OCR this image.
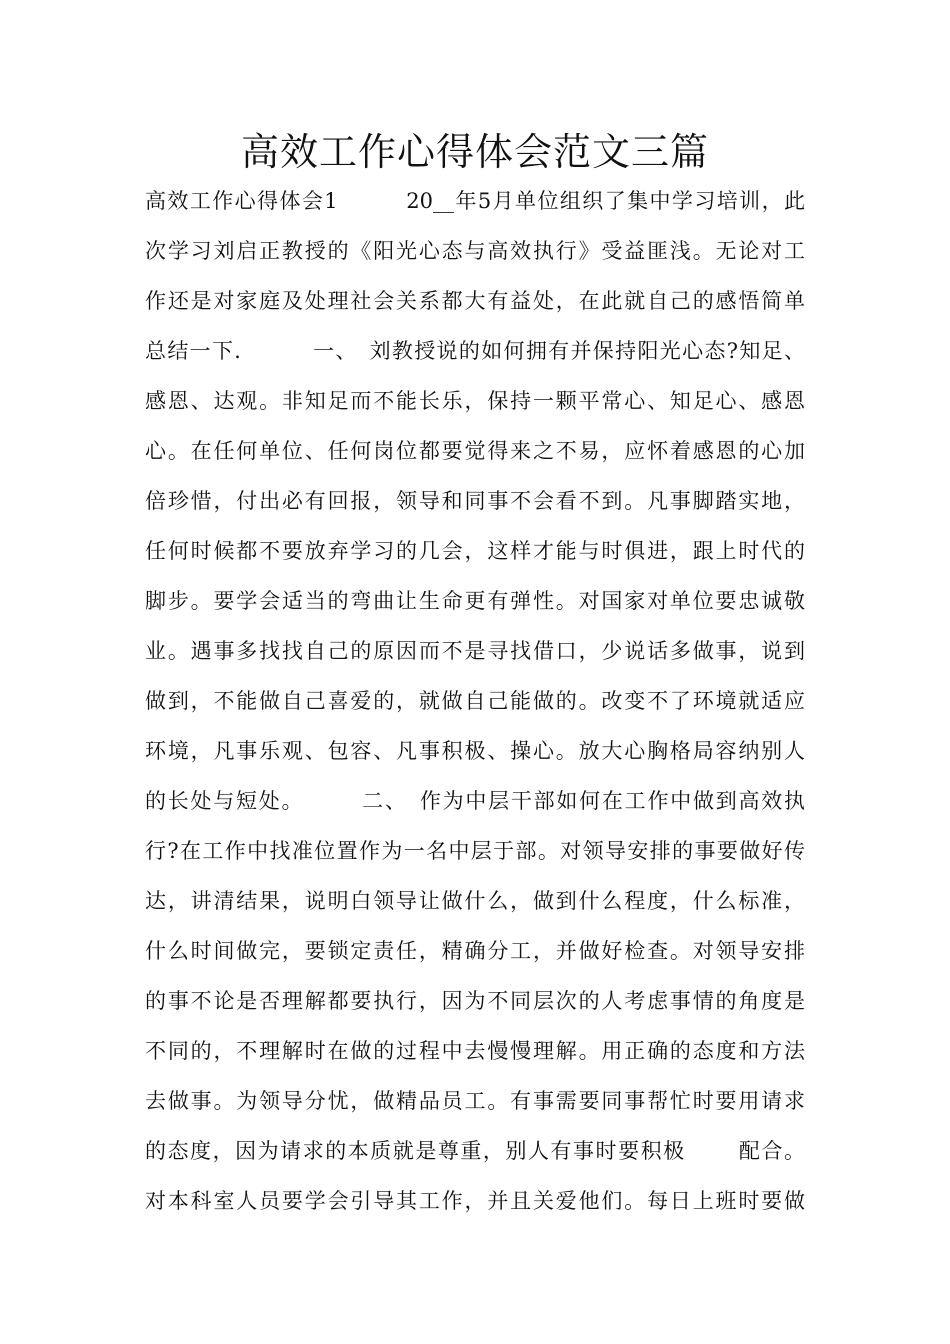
高效工作心得体会范文三篇
高效工作心得体会1　　　20__年5月单位组织了集中学习培训，此
次学习刘启正教授的《阳光心态与高效执行》受益匪浅。无论对工
作还是对家庭及处理社会关系都大有益处，在此就自己的感悟简单
总结一下．　　　一、　刘教授说的如何拥有并保持阳光心态?知足、
感恩、达观。非知足而不能长乐，保持一颗平常心、知足心、感恩
心。在任何单位、任何岗位都要觉得来之不易，应怀着感恩的心加
倍珍惜，付出必有回报，领导和同事不会看不到。凡事脚踏实地，
任何时候都不要放弃学习的几会，这样才能与时俱进，跟上时代的
脚步。要学会适当的弯曲让生命更有弹性。对国家对单位要忠诚敬
业。遇事多找找自己的原因而不是寻找借口，少说话多做事，说到
做到，不能做自己喜爱的，就做自己能做的。改变不了环境就适应
环境，凡事乐观、包容、凡事积极、操心。放大心胸格局容纳别人
的长处与短处。　　　二、　作为中层干部如何在工作中做到高效执
行?在工作中找准位置作为一名中层于部。对领导安排的事要做好传
达，讲清结果，说明白领导让做什么，做到什么程度，什么标准，
什么时间做完，要锁定责任，精确分工，并做好检查。对领导安排
的事不论是否理解都要执行，因为不同层次的人考虑事情的角度是
不同的，不理解时在做的过程中去慢慢理解。用正确的态度和方法
去做事。为领导分忧，做精品员工。有事需要同事帮忙时要用请求
的态度，因为请求的本质就是尊重，别人有事时要积极　　 配合。
对本科室人员要学会引导其工作，并且关爱他们。每日上班时要做
